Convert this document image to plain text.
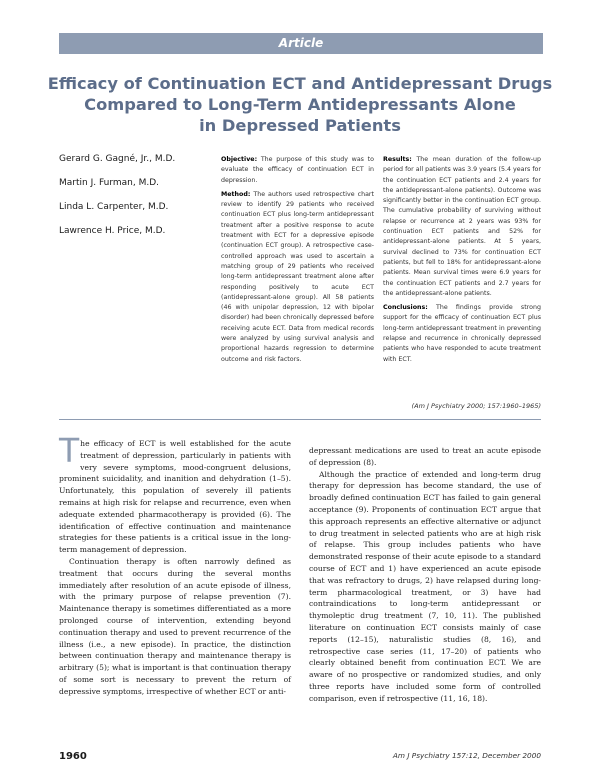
Article
Efficacy of Continuation ECT and Antidepressant Drugs
Compared to Long-Term Antidepressants Alone
in Depressed Patients
Gerard G. Gagné, Jr., M.D.
Martin J. Furman, M.D.
Linda L. Carpenter, M.D.
Lawrence H. Price, M.D.

Objective: The purpose of this study was to evaluate the efficacy of continuation ECT in depression.

Method: The authors used retrospective chart review to identify 29 patients who received continuation ECT plus long-term antidepressant treatment after a positive response to acute treatment with ECT for a depressive episode (continuation ECT group). A retrospective case-controlled approach was used to ascertain a matching group of 29 patients who received long-term antidepressant treatment alone after responding positively to acute ECT (antidepressant-alone group). All 58 patients (46 with unipolar depression, 12 with bipolar disorder) had been chronically depressed before receiving acute ECT. Data from medical records were analyzed by using survival analysis and proportional hazards regression to determine outcome and risk factors.

Results: The mean duration of the follow-up period for all patients was 3.9 years (5.4 years for the continuation ECT patients and 2.4 years for the antidepressant-alone patients). Outcome was significantly better in the continuation ECT group. The cumulative probability of surviving without relapse or recurrence at 2 years was 93% for continuation ECT patients and 52% for antidepressant-alone patients. At 5 years, survival declined to 73% for continuation ECT patients, but fell to 18% for antidepressant-alone patients. Mean survival times were 6.9 years for the continuation ECT patients and 2.7 years for the antidepressant-alone patients.

Conclusions: The findings provide strong support for the efficacy of continuation ECT plus long-term antidepressant treatment in preventing relapse and recurrence in chronically depressed patients who have responded to acute treatment with ECT.

(Am J Psychiatry 2000; 157:1960–1965)

The efficacy of ECT is well established for the acute treatment of depression, particularly in patients with very severe symptoms, mood-congruent delusions, prominent suicidality, and inanition and dehydration (1–5). Unfortunately, this population of severely ill patients remains at high risk for relapse and recurrence, even when adequate extended pharmacotherapy is provided (6). The identification of effective continuation and maintenance strategies for these patients is a critical issue in the long-term management of depression.

Continuation therapy is often narrowly defined as treatment that occurs during the several months immediately after resolution of an acute episode of illness, with the primary purpose of relapse prevention (7). Maintenance therapy is sometimes differentiated as a more prolonged course of intervention, extending beyond continuation therapy and used to prevent recurrence of the illness (i.e., a new episode). In practice, the distinction between continuation therapy and maintenance therapy is arbitrary (5); what is important is that continuation therapy of some sort is necessary to prevent the return of depressive symptoms, irrespective of whether ECT or anti-

depressant medications are used to treat an acute episode of depression (8).

Although the practice of extended and long-term drug therapy for depression has become standard, the use of broadly defined continuation ECT has failed to gain general acceptance (9). Proponents of continuation ECT argue that this approach represents an effective alternative or adjunct to drug treatment in selected patients who are at high risk of relapse. This group includes patients who have demonstrated response of their acute episode to a standard course of ECT and 1) have experienced an acute episode that was refractory to drugs, 2) have relapsed during long-term pharmacological treatment, or 3) have had contraindications to long-term antidepressant or thymoleptic drug treatment (7, 10, 11). The published literature on continuation ECT consists mainly of case reports (12–15), naturalistic studies (8, 16), and retrospective case series (11, 17–20) of patients who clearly obtained benefit from continuation ECT. We are aware of no prospective or randomized studies, and only three reports have included some form of controlled comparison, even if retrospective (11, 16, 18).

1960	Am J Psychiatry 157:12, December 2000
